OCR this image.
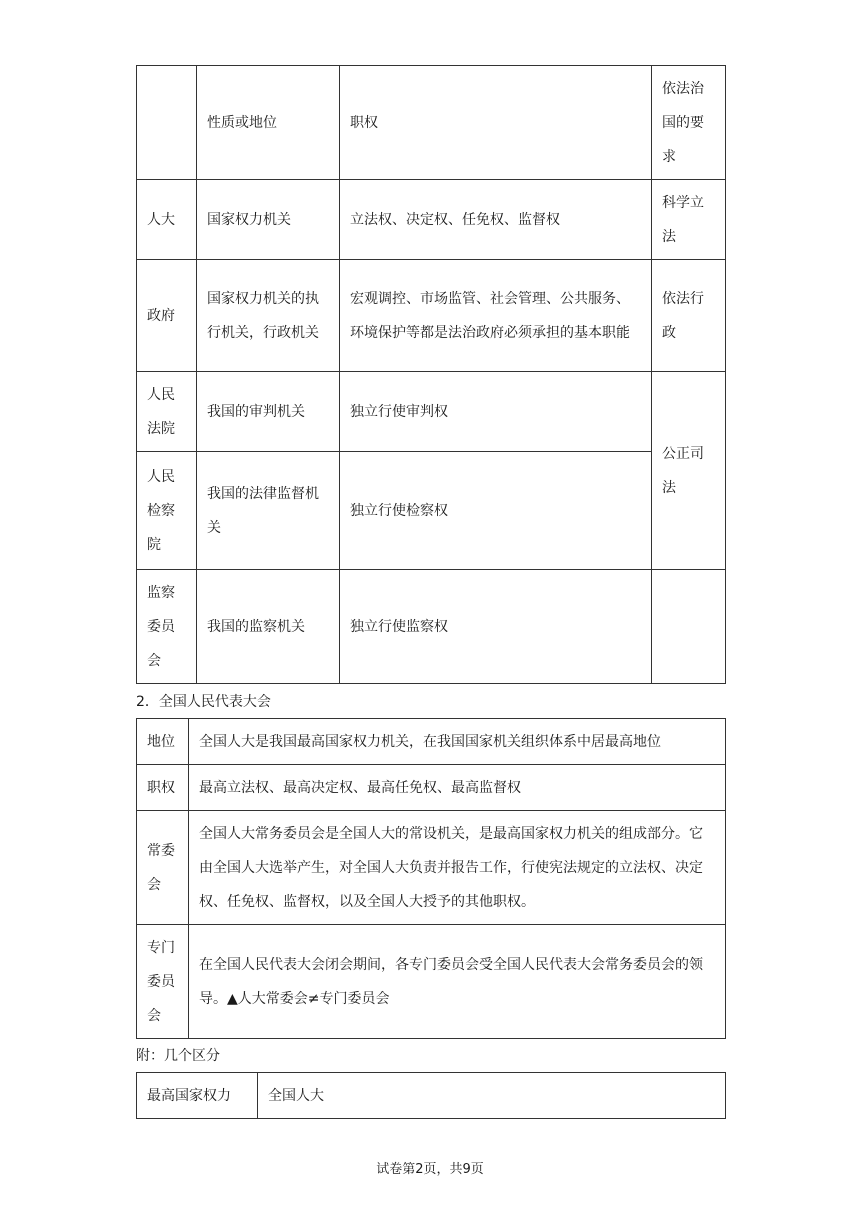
	性质或地位	职权	依法治国的要求
人大	国家权力机关	立法权、决定权、任免权、监督权	科学立法
政府	国家权力机关的执行机关，行政机关	宏观调控、市场监管、社会管理、公共服务、环境保护等都是法治政府必须承担的基本职能	依法行政
人民法院	我国的审判机关	独立行使审判权	公正司法
人民检察院	我国的法律监督机关	独立行使检察权	
监察委员会	我国的监察机关	独立行使监察权	
2．全国人民代表大会
地位	全国人大是我国最高国家权力机关，在我国国家机关组织体系中居最高地位
职权	最高立法权、最高决定权、最高任免权、最高监督权
常委会	全国人大常务委员会是全国人大的常设机关，是最高国家权力机关的组成部分。它由全国人大选举产生，对全国人大负责并报告工作，行使宪法规定的立法权、决定权、任免权、监督权，以及全国人大授予的其他职权。
专门委员会	在全国人民代表大会闭会期间，各专门委员会受全国人民代表大会常务委员会的领导。▲人大常委会≠专门委员会
附：几个区分
最高国家权力	全国人大
试卷第2页，共9页
